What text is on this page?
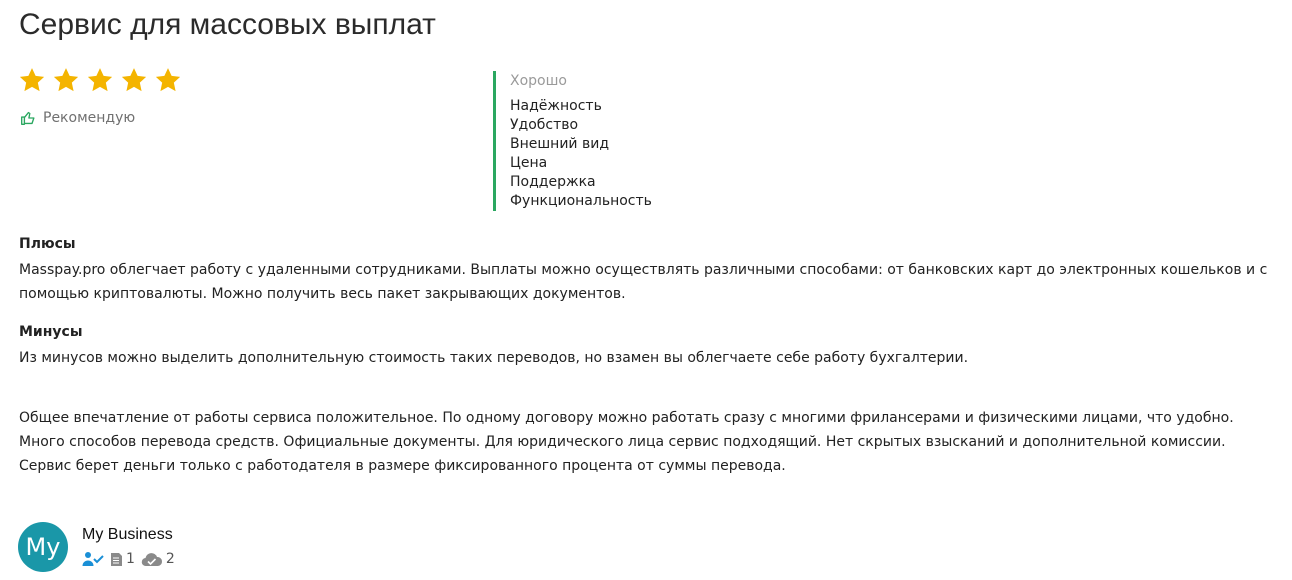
Сервис для массовых выплат
Рекомендую
Хорошо
Надёжность
Удобство
Внешний вид
Цена
Поддержка
Функциональность
Плюсы
Masspay.pro облегчает работу с удаленными сотрудниками. Выплаты можно осуществлять различными способами: от банковских карт до электронных кошельков и с помощью криптовалюты. Можно получить весь пакет закрывающих документов.
Минусы
Из минусов можно выделить дополнительную стоимость таких переводов, но взамен вы облегчаете себе работу бухгалтерии.
Общее впечатление от работы сервиса положительное. По одному договору можно работать сразу с многими фрилансерами и физическими лицами, что удобно. Много способов перевода средств. Официальные документы. Для юридического лица сервис подходящий. Нет скрытых взысканий и дополнительной комиссии. Сервис берет деньги только с работодателя в размере фиксированного процента от суммы перевода.
My	My Business
1 2
